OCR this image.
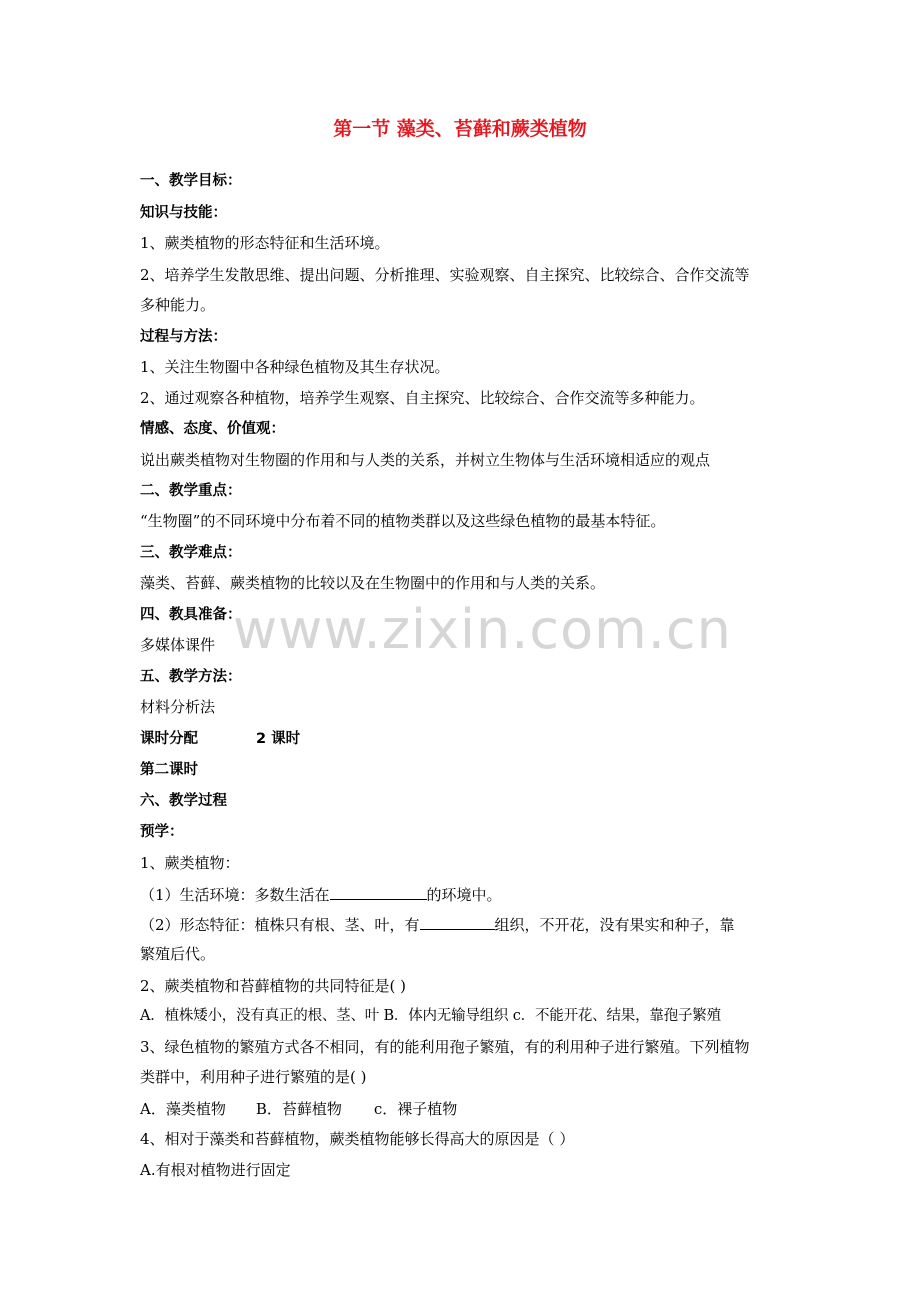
www.zixin.com.cn
第一节 藻类、苔藓和蕨类植物
一、教学目标：
知识与技能：
1、蕨类植物的形态特征和生活环境。
2、培养学生发散思维、提出问题、分析推理、实验观察、自主探究、比较综合、合作交流等
多种能力。
过程与方法：
1、关注生物圈中各种绿色植物及其生存状况。
2、通过观察各种植物，培养学生观察、自主探究、比较综合、合作交流等多种能力。
情感、态度、价值观：
说出蕨类植物对生物圈的作用和与人类的关系，并树立生物体与生活环境相适应的观点
二、教学重点：
“生物圈”的不同环境中分布着不同的植物类群以及这些绿色植物的最基本特征。
三、教学难点：
藻类、苔藓、蕨类植物的比较以及在生物圈中的作用和与人类的关系。
四、教具准备：
多媒体课件
五、教学方法：
材料分析法
课时分配	2 课时
第二课时
六、教学过程
预学：
1、蕨类植物：
（1）生活环境：多数生活在	的环境中。
（2）形态特征：植株只有根、茎、叶，有	组织，不开花，没有果实和种子，靠
繁殖后代。
2、蕨类植物和苔藓植物的共同特征是( )
A．植株矮小，没有真正的根、茎、叶 B．体内无输导组织 c．不能开花、结果，靠孢子繁殖
3、绿色植物的繁殖方式各不相同，有的能利用孢子繁殖，有的利用种子进行繁殖。下列植物
类群中，利用种子进行繁殖的是( )
A．藻类植物 B．苔藓植物 c．裸子植物
4、相对于藻类和苔藓植物，蕨类植物能够长得高大的原因是（ ）
A.有根对植物进行固定
